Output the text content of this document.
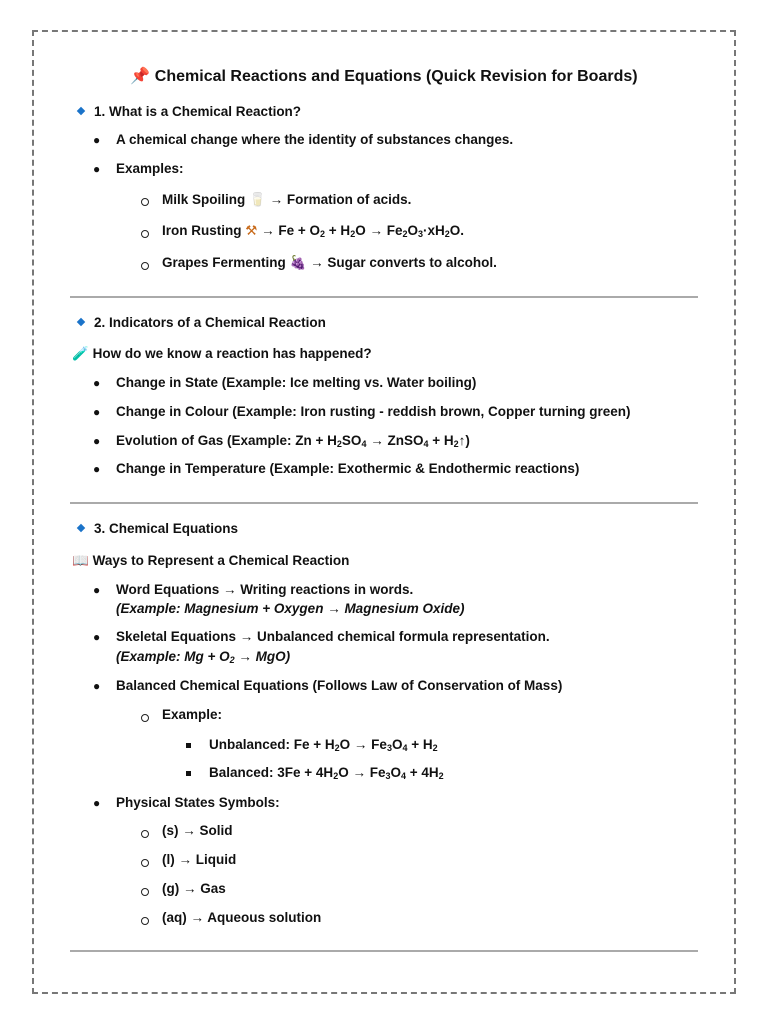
📌 Chemical Reactions and Equations (Quick Revision for Boards)
1. What is a Chemical Reaction?
● A chemical change where the identity of substances changes.
● Examples:
Milk Spoiling 🥛 → Formation of acids.
Iron Rusting ⚒ → $Fe + O_2 + H_2O \to Fe_2O_3\cdot xH_2O$.
Grapes Fermenting 🍇 → Sugar converts to alcohol.
2. Indicators of a Chemical Reaction
🧪 How do we know a reaction has happened?
● Change in State (Example: Ice melting vs. Water boiling)
● Change in Colour (Example: Iron rusting - reddish brown, Copper turning green)
● Evolution of Gas (Example: $Zn + H_2SO_4$ → ZnSO$_4$ + $H_2↑$)
● Change in Temperature (Example: Exothermic & Endothermic reactions)
3. Chemical Equations
📖 Ways to Represent a Chemical Reaction
● Word Equations → Writing reactions in words.
(Example: Magnesium + Oxygen → Magnesium Oxide)
● Skeletal Equations → Unbalanced chemical formula representation.
(Example: $Mg + O_2 \to MgO$)
● Balanced Chemical Equations (Follows Law of Conservation of Mass)
Example:
Unbalanced: $Fe + H_2O \to Fe_3O_4 + H_2$
Balanced: $3Fe + 4H_2O \to Fe_3O_4 + 4H_2$
● Physical States Symbols:
(s) → Solid
(l) → Liquid
(g) → Gas
(aq) → Aqueous solution
